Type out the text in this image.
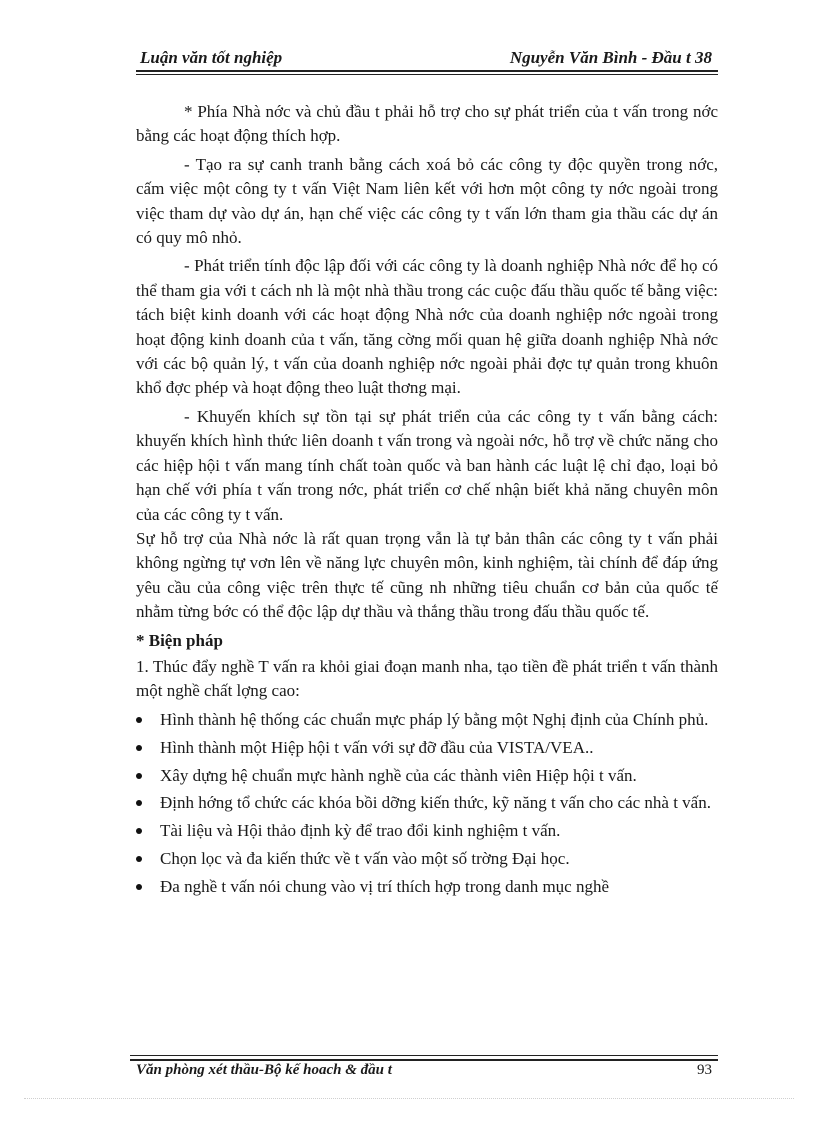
Luận văn tốt nghiệp	Nguyễn Văn Bình - Đầu t 38

* Phía Nhà nớc và chủ đầu t phải hỗ trợ cho sự phát triển của t vấn trong nớc bằng các hoạt động thích hợp.

- Tạo ra sự canh tranh bằng cách xoá bỏ các công ty độc quyền trong nớc, cấm việc một công ty t vấn Việt Nam liên kết với hơn một công ty nớc ngoài trong việc tham dự vào dự án, hạn chế việc các công ty t vấn lớn tham gia thầu các dự án có quy mô nhỏ.

- Phát triển tính độc lập đối với các công ty là doanh nghiệp Nhà nớc để họ có thể tham gia với t cách nh là một nhà thầu trong các cuộc đấu thầu quốc tế bằng việc: tách biệt kinh doanh với các hoạt động Nhà nớc của doanh nghiệp nớc ngoài trong hoạt động kinh doanh của t vấn, tăng cờng mối quan hệ giữa doanh nghiệp Nhà nớc với các bộ quản lý, t vấn của doanh nghiệp nớc ngoài phải đợc tự quản trong khuôn khổ đợc phép và hoạt động theo luật thơng mại.

- Khuyến khích sự tồn tại sự phát triển của các công ty t vấn bằng cách: khuyến khích hình thức liên doanh t vấn trong và ngoài nớc, hỗ trợ về chức năng cho các hiệp hội t vấn mang tính chất toàn quốc và ban hành các luật lệ chỉ đạo, loại bỏ hạn chế với phía t vấn trong nớc, phát triển cơ chế nhận biết khả năng chuyên môn của các công ty t vấn.

Sự hỗ trợ của Nhà nớc là rất quan trọng vẫn là tự bản thân các công ty t vấn phải không ngừng tự vơn lên về năng lực chuyên môn, kinh nghiệm, tài chính để đáp ứng yêu cầu của công việc trên thực tế cũng nh những tiêu chuẩn cơ bản của quốc tế nhằm từng bớc có thể độc lập dự thầu và thắng thầu trong đấu thầu quốc tế.

* Biện pháp

1. Thúc đẩy nghề T vấn ra khỏi giai đoạn manh nha, tạo tiền đề phát triển t vấn thành một nghề chất lợng cao:

Hình thành hệ thống các chuẩn mực pháp lý bằng một Nghị định của Chính phủ.
Hình thành một Hiệp hội t vấn với sự đỡ đầu của VISTA/VEA..
Xây dựng hệ chuẩn mực hành nghề của các thành viên Hiệp hội t vấn.
Định hớng tổ chức các khóa bồi dỡng kiến thức, kỹ năng t vấn cho các nhà t vấn.
Tài liệu và Hội thảo định kỳ để trao đổi kinh nghiệm t vấn.
Chọn lọc và đa kiến thức về t vấn vào một số trờng Đại học.
Đa nghề t vấn nói chung vào vị trí thích hợp trong danh mục nghề
Văn phòng xét thầu-Bộ kế hoach & đầu t	93
